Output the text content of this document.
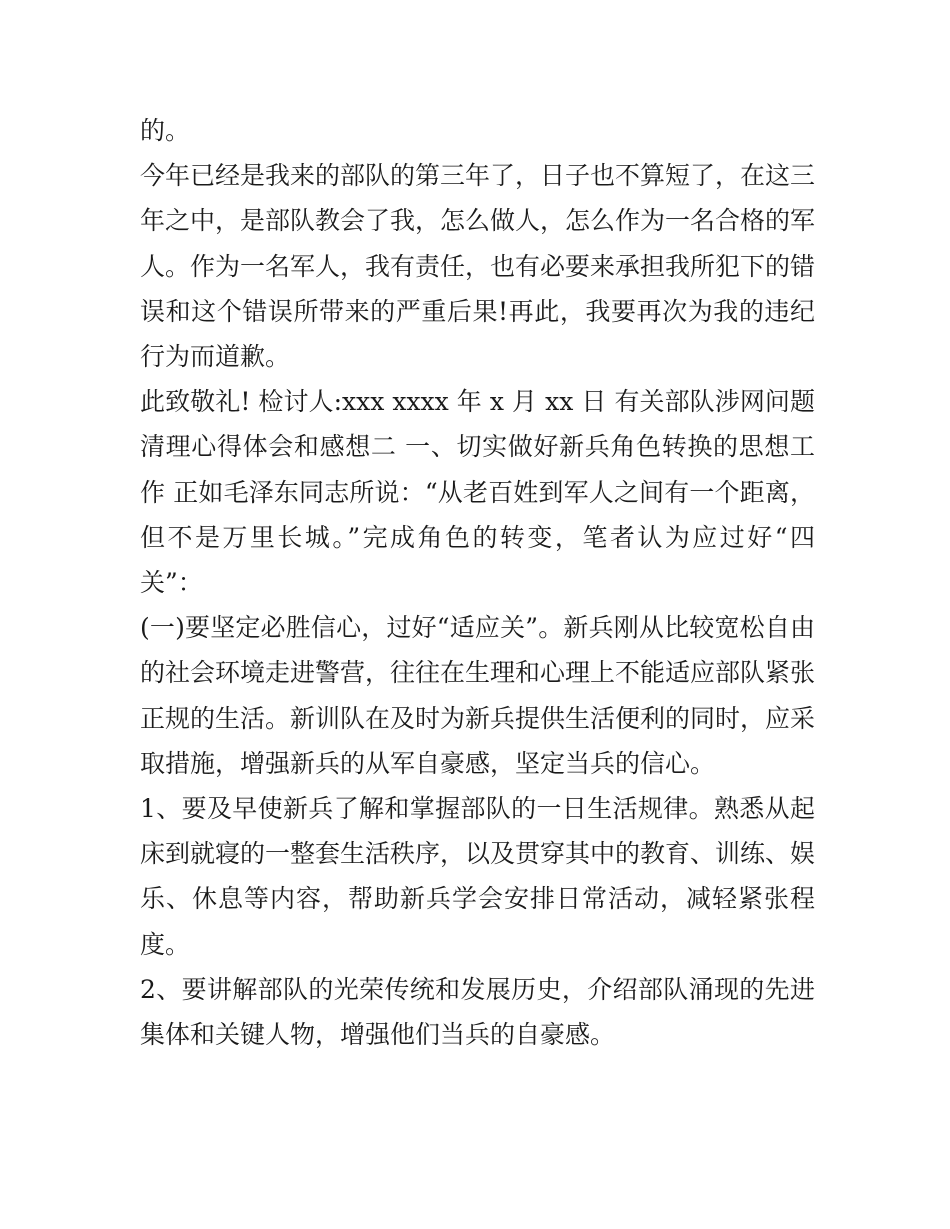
的。

今年已经是我来的部队的第三年了，日子也不算短了，在这三年之中，是部队教会了我，怎么做人，怎么作为一名合格的军人。作为一名军人，我有责任，也有必要来承担我所犯下的错误和这个错误所带来的严重后果!再此，我要再次为我的违纪行为而道歉。

此致敬礼! 检讨人:xxx xxxx 年 x 月 xx 日 有关部队涉网问题清理心得体会和感想二 一、切实做好新兵角色转换的思想工作 正如毛泽东同志所说：“从老百姓到军人之间有一个距离，但不是万里长城。”完成角色的转变，笔者认为应过好“四关”：

(一)要坚定必胜信心，过好“适应关”。新兵刚从比较宽松自由的社会环境走进警营，往往在生理和心理上不能适应部队紧张正规的生活。新训队在及时为新兵提供生活便利的同时，应采取措施，增强新兵的从军自豪感，坚定当兵的信心。

1、要及早使新兵了解和掌握部队的一日生活规律。熟悉从起床到就寝的一整套生活秩序，以及贯穿其中的教育、训练、娱乐、休息等内容，帮助新兵学会安排日常活动，减轻紧张程度。

2、要讲解部队的光荣传统和发展历史，介绍部队涌现的先进集体和关键人物，增强他们当兵的自豪感。
